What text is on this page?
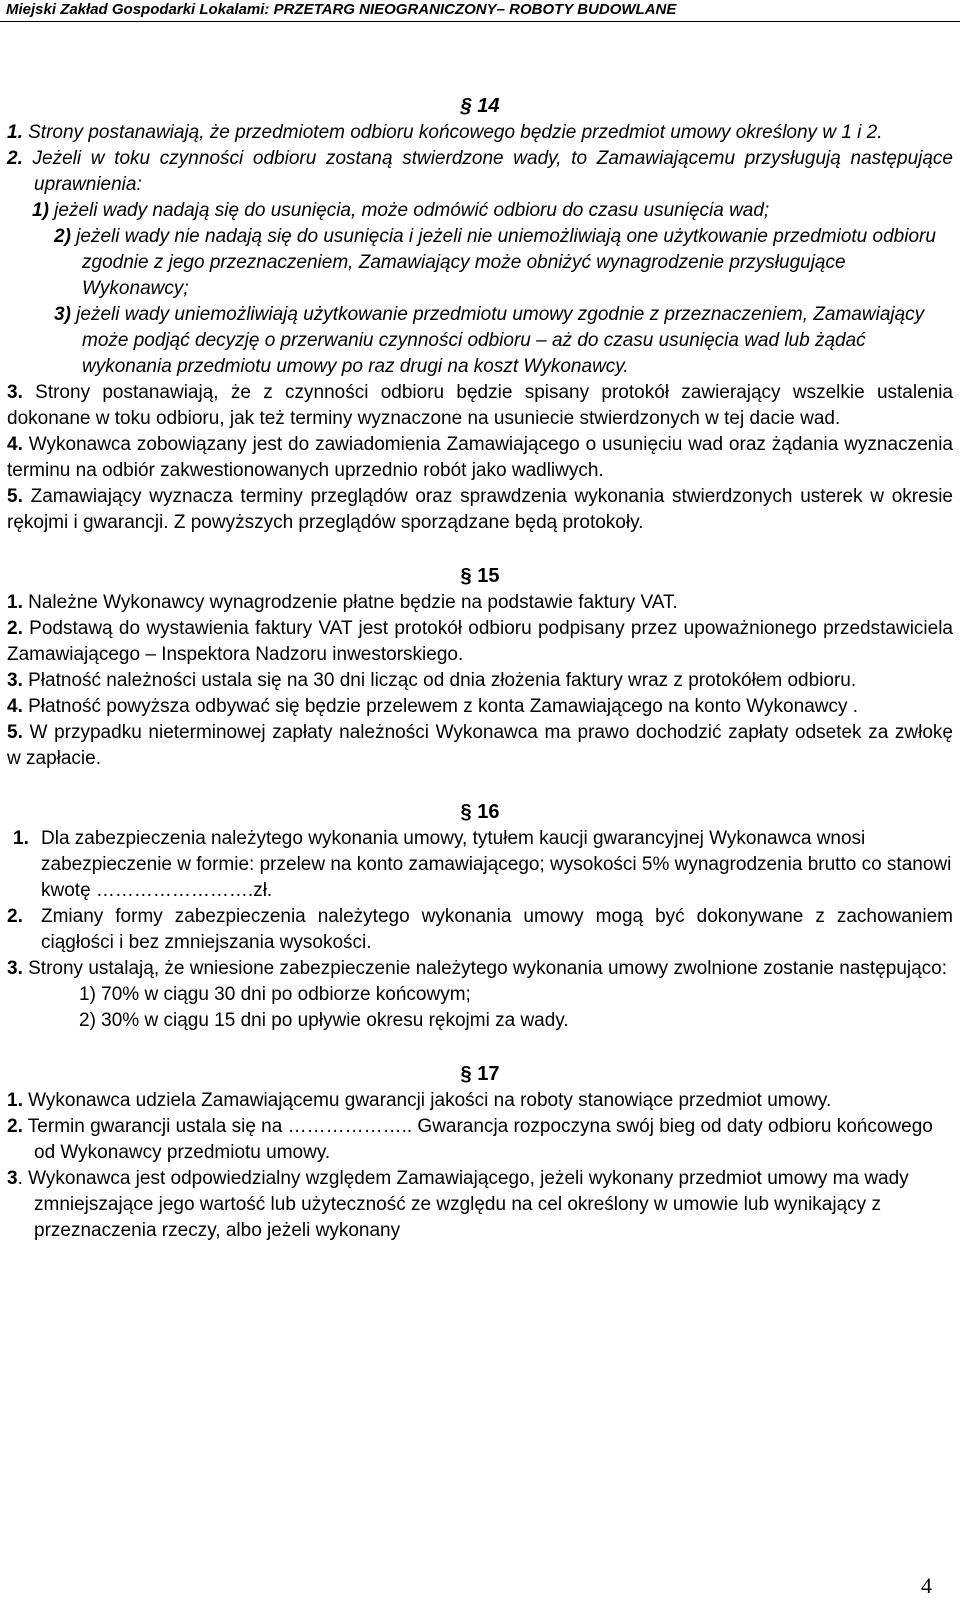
Miejski Zakład Gospodarki Lokalami: PRZETARG NIEOGRANICZONY– ROBOTY BUDOWLANE
§ 14

1. Strony postanawiają, że przedmiotem odbioru końcowego będzie przedmiot umowy określony w 1 i 2.

2. Jeżeli w toku czynności odbioru zostaną stwierdzone wady, to Zamawiającemu przysługują następujące uprawnienia:

1) jeżeli wady nadają się do usunięcia, może odmówić odbioru do czasu usunięcia wad;

2) jeżeli wady nie nadają się do usunięcia i jeżeli nie uniemożliwiają one użytkowanie przedmiotu odbioru zgodnie z jego przeznaczeniem, Zamawiający może obniżyć wynagrodzenie przysługujące Wykonawcy;

3) jeżeli wady uniemożliwiają użytkowanie przedmiotu umowy zgodnie z przeznaczeniem, Zamawiający może podjąć decyzję o przerwaniu czynności odbioru – aż do czasu usunięcia wad lub żądać wykonania przedmiotu umowy po raz drugi na koszt Wykonawcy.

3. Strony postanawiają, że z czynności odbioru będzie spisany protokół zawierający wszelkie ustalenia dokonane w toku odbioru, jak też terminy wyznaczone na usuniecie stwierdzonych w tej dacie wad.

4. Wykonawca zobowiązany jest do zawiadomienia Zamawiającego o usunięciu wad oraz żądania wyznaczenia terminu na odbiór zakwestionowanych uprzednio robót jako wadliwych.

5. Zamawiający wyznacza terminy przeglądów oraz sprawdzenia wykonania stwierdzonych usterek w okresie rękojmi i gwarancji. Z powyższych przeglądów sporządzane będą protokoły.

§ 15

1. Należne Wykonawcy wynagrodzenie płatne będzie na podstawie faktury VAT.

2. Podstawą do wystawienia faktury VAT jest protokół odbioru podpisany przez upoważnionego przedstawiciela Zamawiającego – Inspektora Nadzoru inwestorskiego.

3. Płatność należności ustala się na 30 dni licząc od dnia złożenia faktury wraz z protokółem odbioru.

4. Płatność powyższa odbywać się będzie przelewem z konta Zamawiającego na konto Wykonawcy .

5. W przypadku nieterminowej zapłaty należności Wykonawca ma prawo dochodzić zapłaty odsetek za zwłokę w zapłacie.

§ 16

1. Dla zabezpieczenia należytego wykonania umowy, tytułem kaucji gwarancyjnej Wykonawca wnosi zabezpieczenie w formie: przelew na konto zamawiającego; wysokości 5% wynagrodzenia brutto co stanowi kwotę …………………….zł.

2. Zmiany formy zabezpieczenia należytego wykonania umowy mogą być dokonywane z zachowaniem ciągłości i bez zmniejszania wysokości.

3. Strony ustalają, że wniesione zabezpieczenie należytego wykonania umowy zwolnione zostanie następująco:

1) 70% w ciągu 30 dni po odbiorze końcowym;

2) 30% w ciągu 15 dni po upływie okresu rękojmi za wady.

§ 17

1. Wykonawca udziela Zamawiającemu gwarancji jakości na roboty stanowiące przedmiot umowy.

2. Termin gwarancji ustala się na ……………….. Gwarancja rozpoczyna swój bieg od daty odbioru końcowego od Wykonawcy przedmiotu umowy.

3. Wykonawca jest odpowiedzialny względem Zamawiającego, jeżeli wykonany przedmiot umowy ma wady zmniejszające jego wartość lub użyteczność ze względu na cel określony w umowie lub wynikający z przeznaczenia rzeczy, albo jeżeli wykonany

4
